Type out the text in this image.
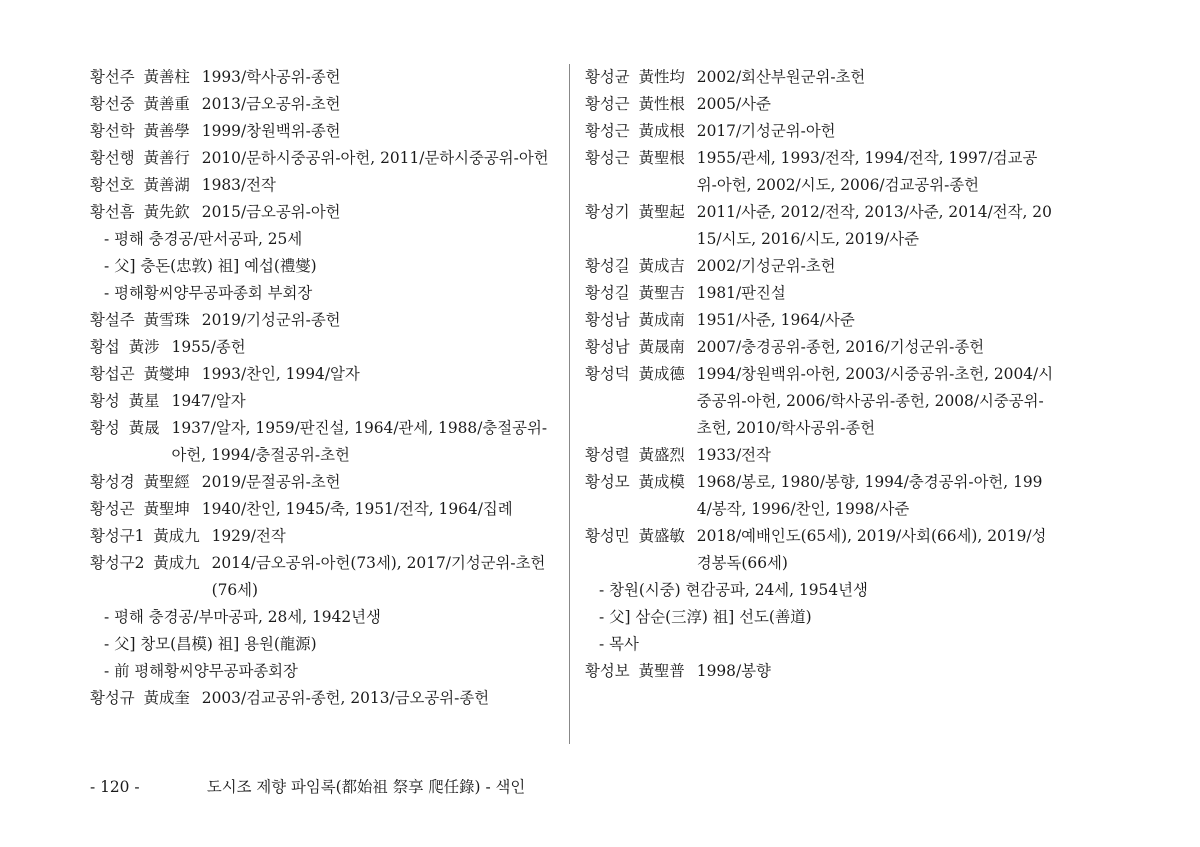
황선주 黃善柱 1993/학사공위-종헌
황선중 黃善重 2013/금오공위-초헌
황선학 黃善學 1999/창원백위-종헌
황선행 黃善行 2010/문하시중공위-아헌, 2011/문하시중공위-아헌
황선호 黃善湖 1983/전작
황선흠 黃先欽 2015/금오공위-아헌
- 평해 충경공/판서공파, 25세
- 父] 충돈(忠敦) 祖] 예섭(禮燮)
- 평해황씨양무공파종회 부회장
황설주 黃雪珠 2019/기성군위-종헌
황섭 黃涉 1955/종헌
황섭곤 黃燮坤 1993/찬인, 1994/알자
황성 黃星 1947/알자
황성 黃晟 1937/알자, 1959/판진설, 1964/관세, 1988/충절공위-아헌, 1994/충절공위-초헌
황성경 黃聖經 2019/문절공위-초헌
황성곤 黃聖坤 1940/찬인, 1945/축, 1951/전작, 1964/집례
황성구1 黃成九 1929/전작
황성구2 黃成九 2014/금오공위-아헌(73세), 2017/기성군위-초헌(76세)
- 평해 충경공/부마공파, 28세, 1942년생
- 父] 창모(昌模) 祖] 용원(龍源)
- 前 평해황씨양무공파종회장
황성규 黃成奎 2003/검교공위-종헌, 2013/금오공위-종헌
황성균 黃性均 2002/회산부원군위-초헌
황성근 黃性根 2005/사준
황성근 黃成根 2017/기성군위-아헌
황성근 黃聖根 1955/관세, 1993/전작, 1994/전작, 1997/검교공위-아헌, 2002/시도, 2006/검교공위-종헌
황성기 黃聖起 2011/사준, 2012/전작, 2013/사준, 2014/전작, 2015/시도, 2016/시도, 2019/사준
황성길 黃成吉 2002/기성군위-초헌
황성길 黃聖吉 1981/판진설
황성남 黃成南 1951/사준, 1964/사준
황성남 黃晟南 2007/충경공위-종헌, 2016/기성군위-종헌
황성덕 黃成德 1994/창원백위-아헌, 2003/시중공위-초헌, 2004/시중공위-아헌, 2006/학사공위-종헌, 2008/시중공위-초헌, 2010/학사공위-종헌
황성렬 黃盛烈 1933/전작
황성모 黃成模 1968/봉로, 1980/봉향, 1994/충경공위-아헌, 1994/봉작, 1996/찬인, 1998/사준
황성민 黃盛敏 2018/예배인도(65세), 2019/사회(66세), 2019/성경봉독(66세)
- 창원(시중) 현감공파, 24세, 1954년생
- 父] 삼순(三淳) 祖] 선도(善道)
- 목사
황성보 黃聖普 1998/봉향
- 120 -	도시조 제향 파임록(都始祖 祭享 爬任錄) - 색인
